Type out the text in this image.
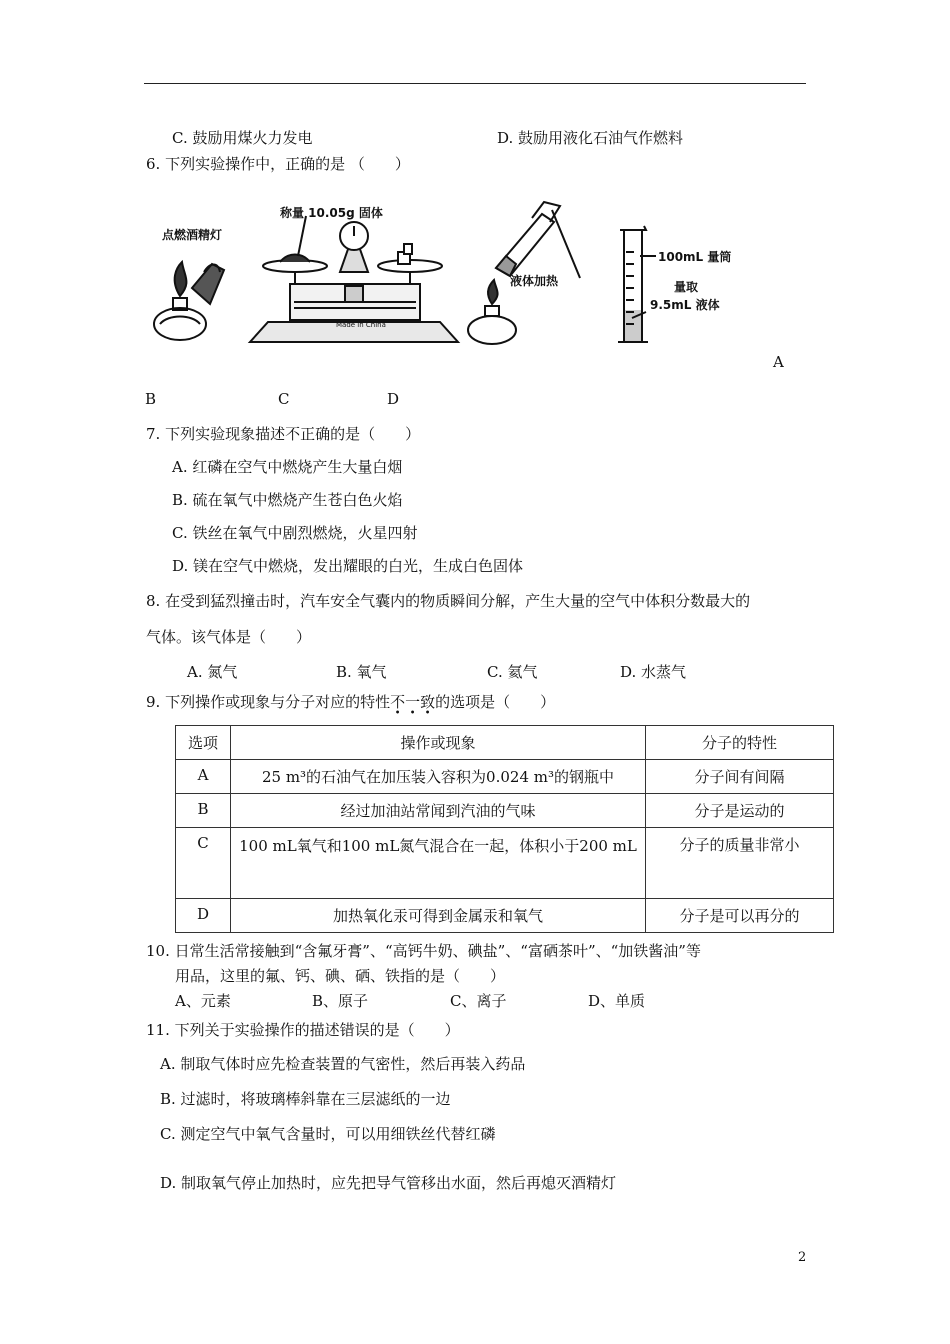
C. 鼓励用煤火力发电	D. 鼓励用液化石油气作燃料
6. 下列实验操作中，正确的是 （　　）
点燃酒精灯
称量 10.05g 固体
液体加热
100mL 量筒
量取
9.5mL 液体
Made in China
A
B	C	D
7. 下列实验现象描述不正确的是（　　）
A. 红磷在空气中燃烧产生大量白烟
B. 硫在氧气中燃烧产生苍白色火焰
C. 铁丝在氧气中剧烈燃烧，火星四射
D. 镁在空气中燃烧，发出耀眼的白光，生成白色固体
8. 在受到猛烈撞击时，汽车安全气囊内的物质瞬间分解，产生大量的空气中体积分数最大的
气体。该气体是（　　）
A. 氮气	B. 氧气	C. 氦气	D. 水蒸气
9. 下列操作或现象与分子对应的特性不
•
一
•
致
•
的选项是（　　）
选项	操作或现象	分子的特性
A	25 m³的石油气在加压装入容积为0.024 m³的钢瓶中	分子间有间隔
B	经过加油站常闻到汽油的气味	分子是运动的
C	100 mL氧气和100 mL氮气混合在一起，体积小于200 mL	分子的质量非常小
D	加热氧化汞可得到金属汞和氧气	分子是可以再分的
10. 日常生活常接触到“含氟牙膏”、“高钙牛奶、碘盐”、“富硒茶叶”、“加铁酱油”等
用品，这里的氟、钙、碘、硒、铁指的是（　　）
A、元素	B、原子	C、离子	D、单质
11. 下列关于实验操作的描述错误的是（　　）
A. 制取气体时应先检查装置的气密性，然后再装入药品
B. 过滤时，将玻璃棒斜靠在三层滤纸的一边
C. 测定空气中氧气含量时，可以用细铁丝代替红磷
D. 制取氧气停止加热时，应先把导气管移出水面，然后再熄灭酒精灯
2
